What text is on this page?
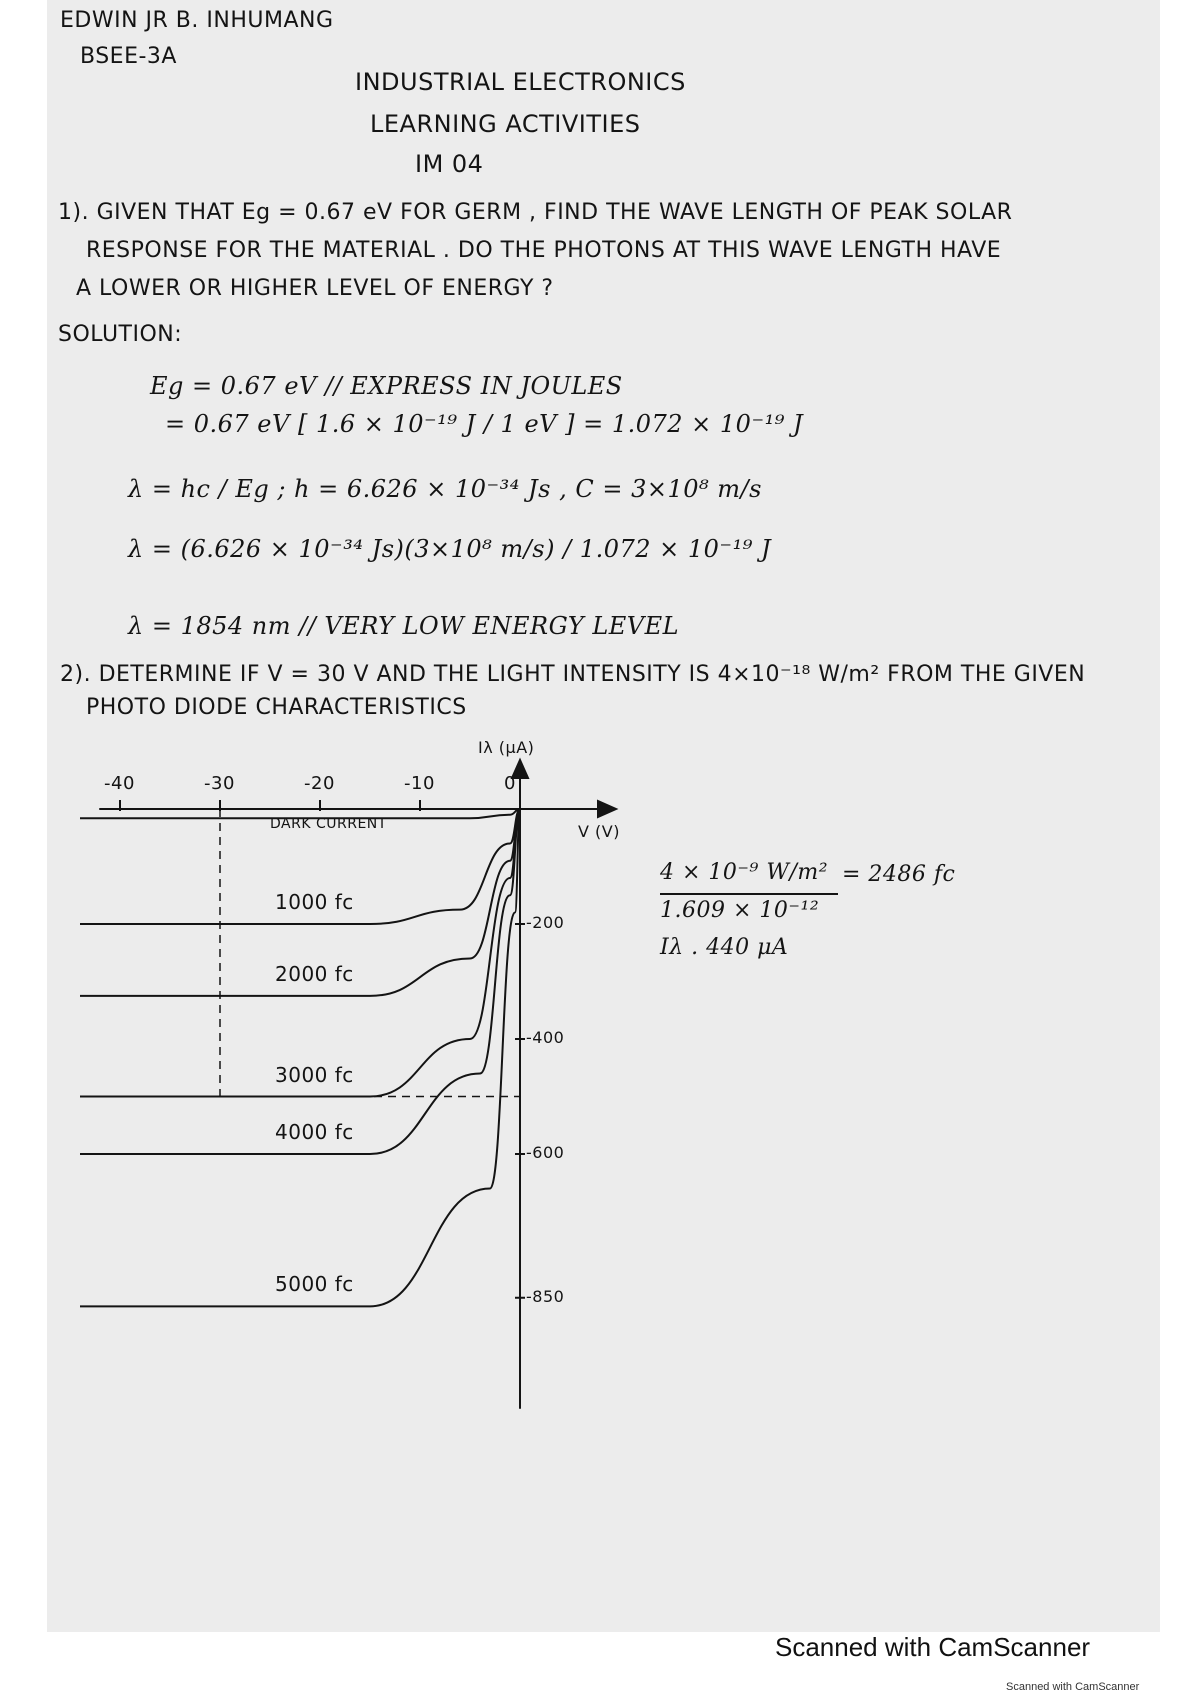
EDWIN JR B. INHUMANG
BSEE-3A
INDUSTRIAL ELECTRONICS
LEARNING ACTIVITIES
IM 04
1). GIVEN THAT Eg = 0.67 eV FOR GERM , FIND THE WAVE LENGTH OF PEAK SOLAR
RESPONSE FOR THE MATERIAL . DO THE PHOTONS AT THIS WAVE LENGTH HAVE
A LOWER OR HIGHER LEVEL OF ENERGY ?
SOLUTION:
Eg = 0.67 eV // EXPRESS IN JOULES
= 0.67 eV [ 1.6 × 10⁻¹⁹ J / 1 eV ] = 1.072 × 10⁻¹⁹ J
λ = hc / Eg ; h = 6.626 × 10⁻³⁴ Js , C = 3×10⁸ m/s
λ = (6.626 × 10⁻³⁴ Js)(3×10⁸ m/s) / 1.072 × 10⁻¹⁹ J
λ = 1854 nm // VERY LOW ENERGY LEVEL
2). DETERMINE IF V = 30 V AND THE LIGHT INTENSITY IS 4×10⁻¹⁸ W/m² FROM THE GIVEN
PHOTO DIODE CHARACTERISTICS
4 × 10⁻⁹ W/m² = 2486 fc
1.609 × 10⁻¹²
Iλ . 440 μA
-40	-30	-20	-10	0
-200
-400
-600
-850
DARK CURRENT
1000 fc
2000 fc
3000 fc
4000 fc
5000 fc
Iλ (μA)
V (V)
Scanned with CamScanner
Scanned with CamScanner
